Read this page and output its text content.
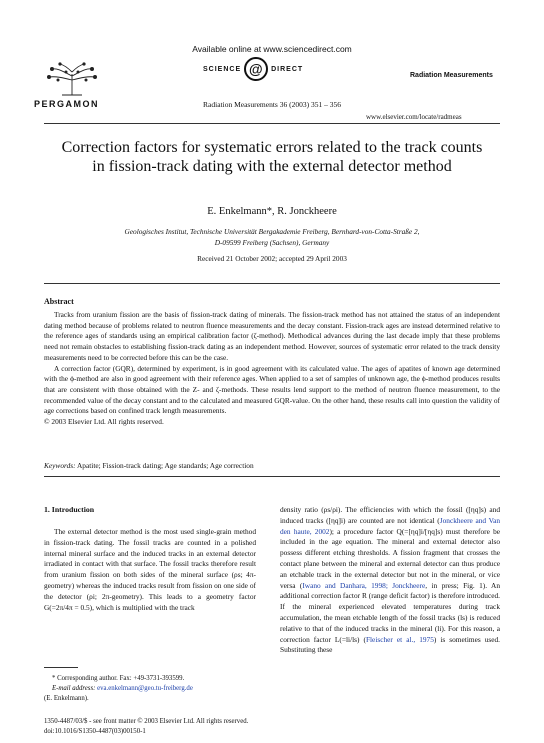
Available online at www.sciencedirect.com
SCIENCE @ DIRECT
PERGAMON
Radiation Measurements
Radiation Measurements 36 (2003) 351 – 356
www.elsevier.com/locate/radmeas
Correction factors for systematic errors related to the track counts in fission-track dating with the external detector method
E. Enkelmann*, R. Jonckheere
Geologisches Institut, Technische Universität Bergakademie Freiberg, Bernhard-von-Cotta-Straße 2,
D-09599 Freiberg (Sachsen), Germany
Received 21 October 2002; accepted 29 April 2003
Abstract

Tracks from uranium fission are the basis of fission-track dating of minerals. The fission-track method has not attained the status of an independent dating method because of problems related to neutron fluence measurements and the decay constant. Fission-track ages are instead determined relative to the reference ages of standards using an empirical calibration factor (ζ-method). Methodical advances during the last decade imply that these problems need not remain obstacles to establishing fission-track dating as an independent method. However, sources of systematic error related to the track density measurements need to be corrected before this can be the case.

A correction factor (GQR), determined by experiment, is in good agreement with its calculated value. The ages of apatites of known age determined with the ϕ-method are also in good agreement with their reference ages. When applied to a set of samples of unknown age, the ϕ-method produces results that are consistent with those obtained with the Z- and ζ-methods. These results lend support to the method of neutron fluence measurement, to the recommended value of the decay constant and to the calculated and measured GQR-value. On the other hand, these results call into question the validity of age corrections based on confined track length measurements.

© 2003 Elsevier Ltd. All rights reserved.

Keywords: Apatite; Fission-track dating; Age standards; Age correction
1. Introduction

The external detector method is the most used single-grain method in fission-track dating. The fossil tracks are counted in a polished internal mineral surface and the induced tracks in an external detector irradiated in contact with that surface. The fossil tracks therefore result from uranium fission on both sides of the mineral surface (ρs; 4π-geometry) whereas the induced tracks result from fission on one side of the detector (ρi; 2π-geometry). This leads to a geometry factor G(=2π/4π = 0.5), which is multiplied with the track

density ratio (ρs/ρi). The efficiencies with which the fossil ([ηq]s) and induced tracks ([ηq]i) are counted are not identical (Jonckheere and Van den haute, 2002); a procedure factor Q(=[ηq]i/[ηq]s) must therefore be included in the age equation. The mineral and external detector also possess different etching thresholds. A fission fragment that crosses the contact plane between the mineral and external detector can thus produce an etchable track in the external detector but not in the mineral, or vice versa (Iwano and Danhara, 1998; Jonckheere, in press; Fig. 1). An additional correction factor R (range deficit factor) is therefore introduced. If the mineral experienced elevated temperatures during track accumulation, the mean etchable length of the fossil tracks (ls) is reduced relative to that of the induced tracks in the mineral (li). For this reason, a correction factor L(=li/ls) (Fleischer et al., 1975) is sometimes used. Substituting these

* Corresponding author. Fax: +49-3731-393599.
E-mail address: eva.enkelmann@geo.tu-freiberg.de
(E. Enkelmann).
1350-4487/03/$ - see front matter © 2003 Elsevier Ltd. All rights reserved.
doi:10.1016/S1350-4487(03)00150-1
